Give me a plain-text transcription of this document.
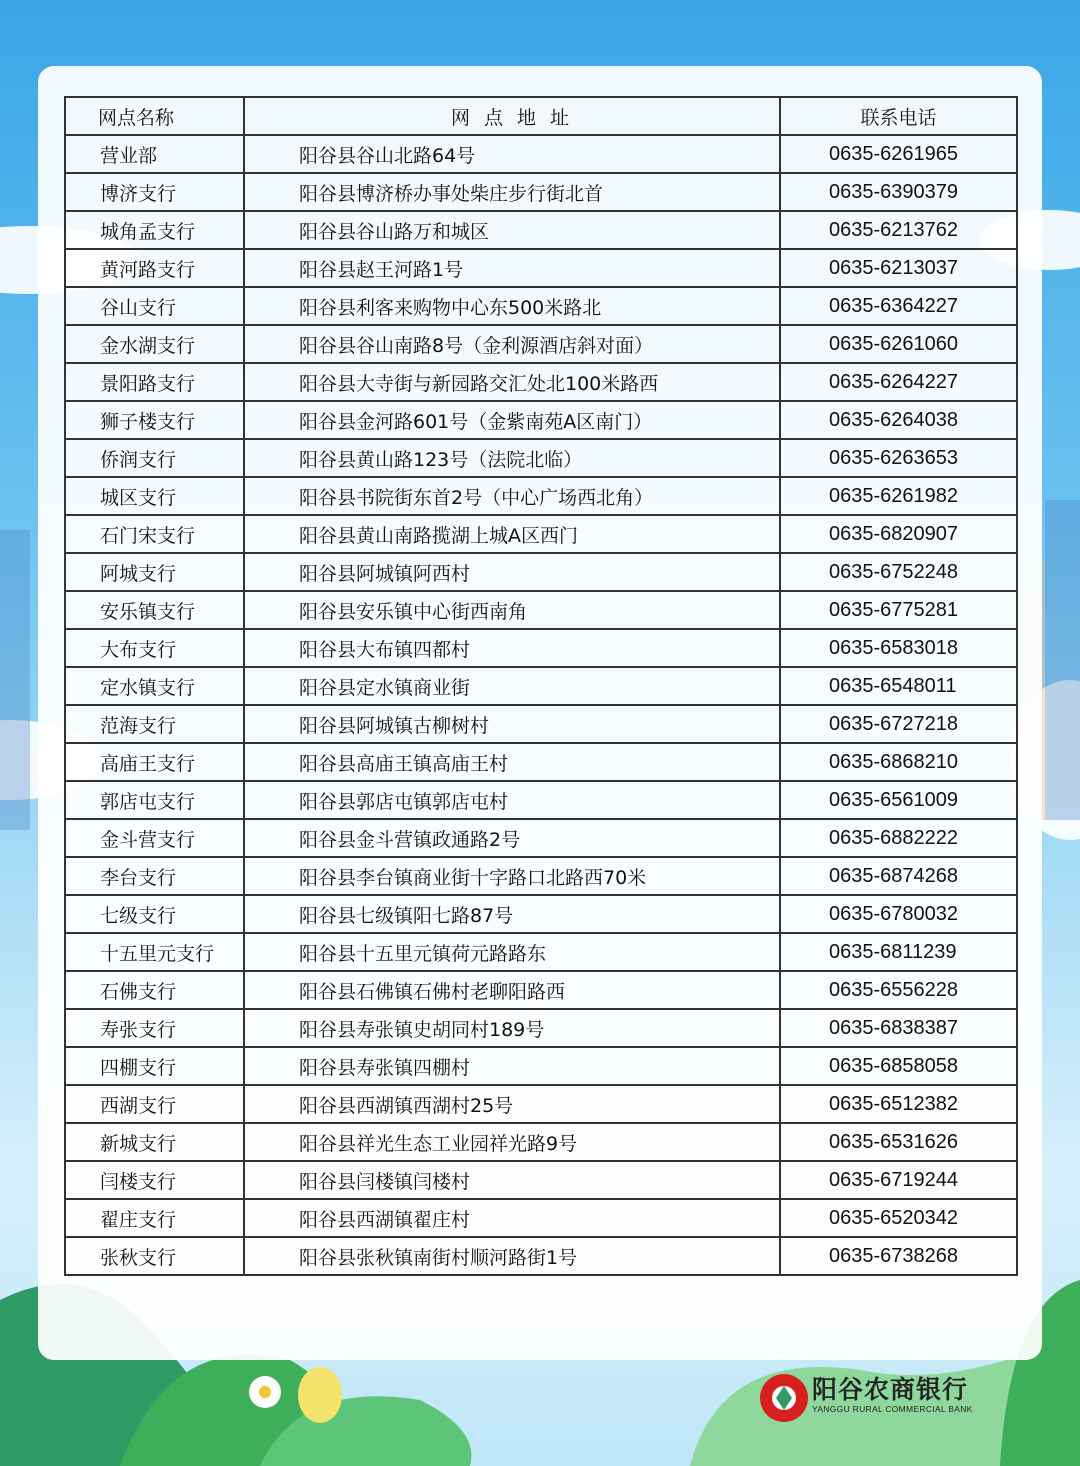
网点名称	网 点 地 址	联系电话
营业部	阳谷县谷山北路64号	0635-6261965
博济支行	阳谷县博济桥办事处柴庄步行街北首	0635-6390379
城角孟支行	阳谷县谷山路万和城区	0635-6213762
黄河路支行	阳谷县赵王河路1号	0635-6213037
谷山支行	阳谷县利客来购物中心东500米路北	0635-6364227
金水湖支行	阳谷县谷山南路8号（金利源酒店斜对面）	0635-6261060
景阳路支行	阳谷县大寺街与新园路交汇处北100米路西	0635-6264227
狮子楼支行	阳谷县金河路601号（金紫南苑A区南门）	0635-6264038
侨润支行	阳谷县黄山路123号（法院北临）	0635-6263653
城区支行	阳谷县书院街东首2号（中心广场西北角）	0635-6261982
石门宋支行	阳谷县黄山南路揽湖上城A区西门	0635-6820907
阿城支行	阳谷县阿城镇阿西村	0635-6752248
安乐镇支行	阳谷县安乐镇中心街西南角	0635-6775281
大布支行	阳谷县大布镇四都村	0635-6583018
定水镇支行	阳谷县定水镇商业街	0635-6548011
范海支行	阳谷县阿城镇古柳树村	0635-6727218
高庙王支行	阳谷县高庙王镇高庙王村	0635-6868210
郭店屯支行	阳谷县郭店屯镇郭店屯村	0635-6561009
金斗营支行	阳谷县金斗营镇政通路2号	0635-6882222
李台支行	阳谷县李台镇商业街十字路口北路西70米	0635-6874268
七级支行	阳谷县七级镇阳七路87号	0635-6780032
十五里元支行	阳谷县十五里元镇荷元路路东	0635-6811239
石佛支行	阳谷县石佛镇石佛村老聊阳路西	0635-6556228
寿张支行	阳谷县寿张镇史胡同村189号	0635-6838387
四棚支行	阳谷县寿张镇四棚村	0635-6858058
西湖支行	阳谷县西湖镇西湖村25号	0635-6512382
新城支行	阳谷县祥光生态工业园祥光路9号	0635-6531626
闫楼支行	阳谷县闫楼镇闫楼村	0635-6719244
翟庄支行	阳谷县西湖镇翟庄村	0635-6520342
张秋支行	阳谷县张秋镇南街村顺河路街1号	0635-6738268
阳谷农商银行
YANGGU RURAL COMMERCIAL BANK
